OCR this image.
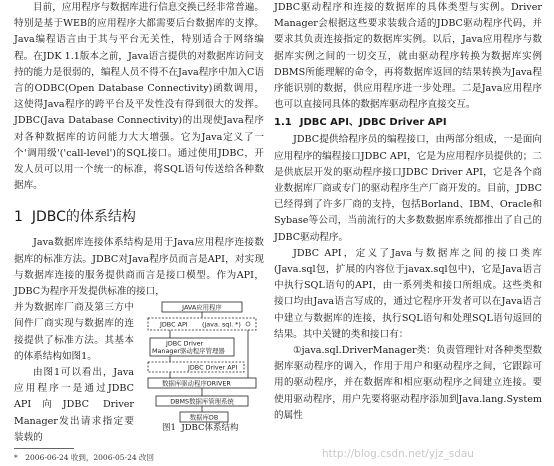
目前，应用程序与数据库进行信息交换已经非常普遍。特别是基于WEB的应用程序大都需要后台数据库的支撑。Java编程语言由于其与平台无关性，特别适合于网络编程。在JDK 1.1版本之前，Java语言提供的对数据库访问支持的能力是很弱的，编程人员不得不在Java程序中加入C语言的ODBC(Open Database Connectivity)函数调用，这使得Java程序的跨平台及平发性没有得到很大的发挥。JDBC(Java Database Connectivity)的出现使Java程序对各种数据库的访问能力大大增强。它为Java定义了一个'调用级'('call-level')的SQL接口。通过使用JDBC，开发人员可以用一个统一的标准，将SQL语句传送给各种数据库。

1 JDBC的体系结构

Java数据库连接体系结构是用于Java应用程序连接数据库的标准方法。JDBC对Java程序员而言是API，对实现与数据库连接的服务提供商而言是接口模型。作为API，JDBC为程序开发提供标准的接口，

并为数据库厂商及第三方中间件厂商实现与数据库的连接提供了标准方法。其基本的体系结构如图1。

由图1可以看出，Java应用程序一是通过JDBC API向JDBC Driver Manager发出请求指定要装载的

JAVA应用程序
JDBC API (java. sql. *)
JDBC Driver
Manager驱动程序管理器
JDBC Driver API
数据库驱动程序DRIVER
DBMS数据库管理系统
数据库DB
图1 JDBC体系结构

JDBC驱动程序和连接的数据库的具体类型与实例。Driver Manager会根据这些要求装载合适的JDBC驱动程序代码，并要求其负责连接指定的数据库实例。以后，Java应用程序与数据库实例之间的一切交互，就由驱动程序转换为数据库实例DBMS所能理解的命令，再将数据库返回的结果转换为Java程序能识别的数据，供应用程序进一步处理。二是Java应用程序也可以直接同具体的数据库驱动程序直接交互。

1.1 JDBC API、JDBC Driver API

JDBC提供给程序员的编程接口，由两部分组成，一是面向应用程序的编程接口JDBC API，它是为应用程序员提供的；二是供底层开发的驱动程序接口JDBC Driver API，它是各个商业数据库厂商或专门的驱动程序生产厂商开发的。目前，JDBC已经得到了许多厂商的支持，包括Borland、IBM、Oracle和Sybase等公司，当前流行的大多数数据库系统都推出了自己的JDBC驱动程序。

JDBC API，定义了Java与数据库之间的接口类库(Java.sql包，扩展的内容位于javax.sql包中)，它是Java语言中执行SQL语句的API，由一系列类和接口所组成。这些类和接口均由Java语言写成的，通过它程序开发者可以在Java语言中建立与数据库的连接，执行SQL语句和处理SQL语句返回的结果。其中关键的类和接口有：

①java.sql.DriverManager类：负责管理针对各种类型数据库驱动程序的调入，作用于用户和驱动程序之间，它跟踪可用的驱动程序，并在数据库和相应驱动程序之间建立连接。要使用驱动程序，用户先要将驱动程序添加到Java.lang.System的属性

*　2006-06-24 收到，2006-05-24 改回	http://blog.csdn.net/yjz_sdau
